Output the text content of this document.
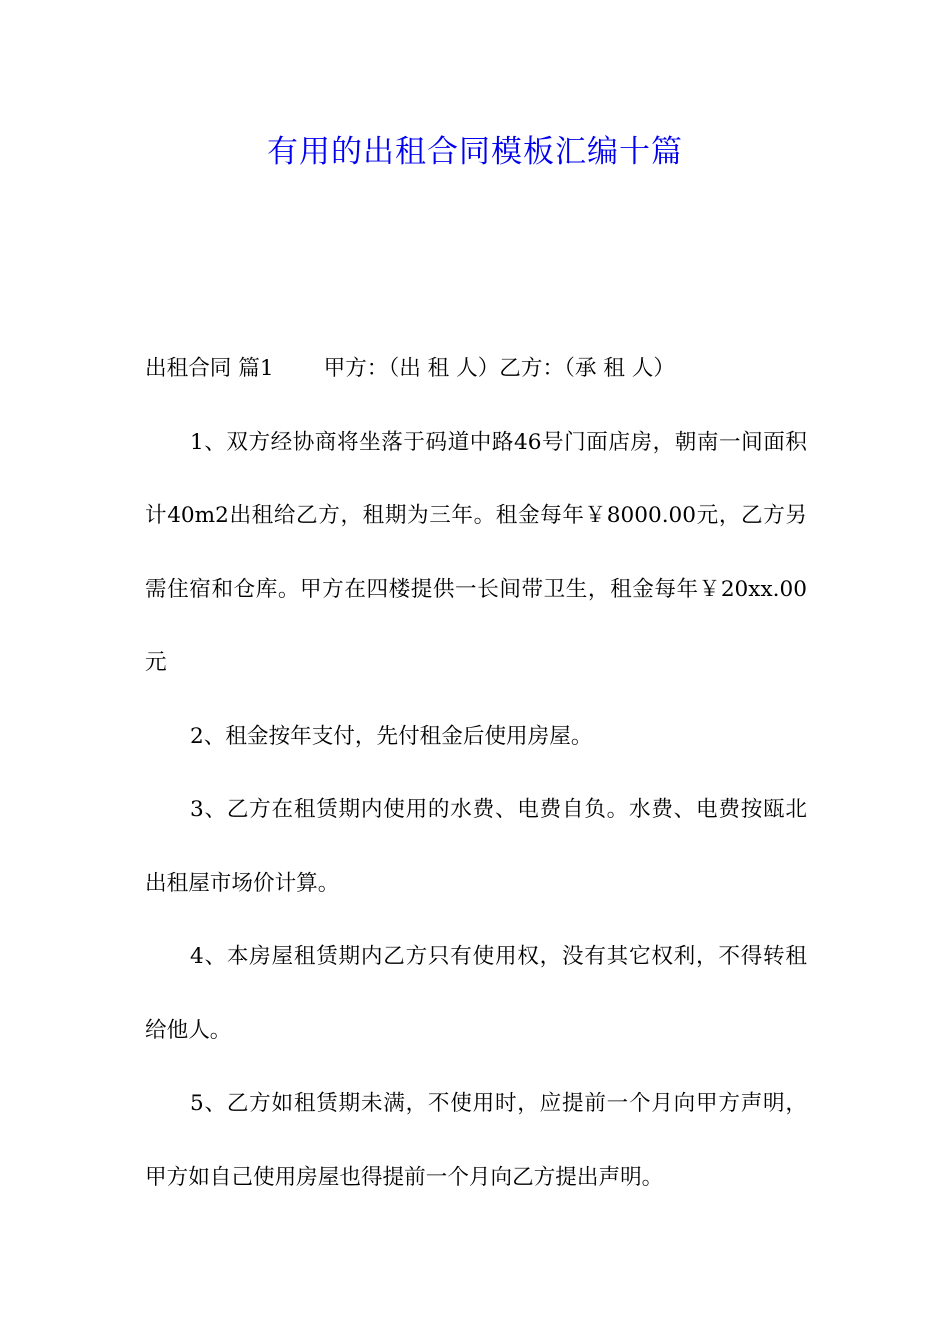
有用的出租合同模板汇编十篇

出租合同 篇1　　 甲方：（出 租 人）乙方：（承 租 人）

1、双方经协商将坐落于码道中路46号门面店房，朝南一间面积计40m2出租给乙方，租期为三年。租金每年￥8000.00元，乙方另需住宿和仓库。甲方在四楼提供一长间带卫生，租金每年￥20xx.00元

2、租金按年支付，先付租金后使用房屋。

3、乙方在租赁期内使用的水费、电费自负。水费、电费按瓯北出租屋市场价计算。

4、本房屋租赁期内乙方只有使用权，没有其它权利，不得转租给他人。

5、乙方如租赁期未满，不使用时，应提前一个月向甲方声明，甲方如自己使用房屋也得提前一个月向乙方提出声明。
